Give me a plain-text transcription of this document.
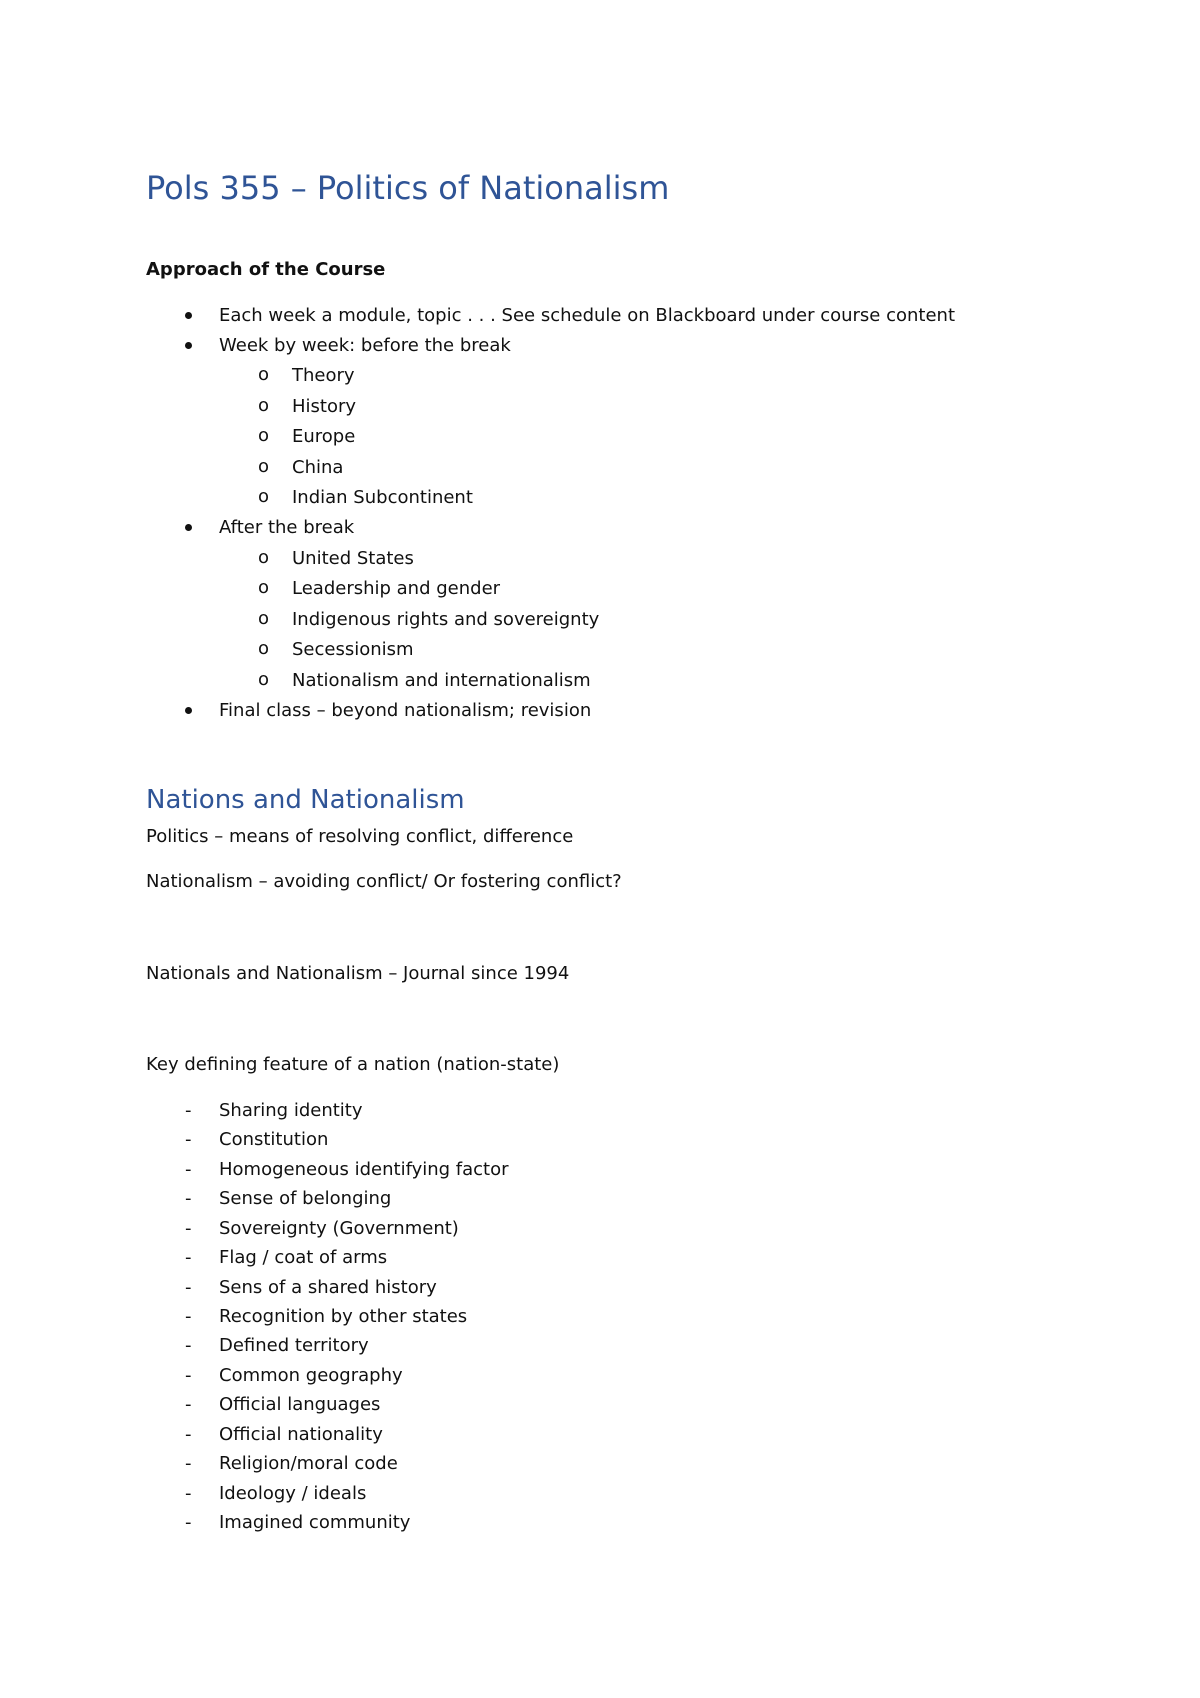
Pols 355 – Politics of Nationalism
Approach of the Course
Each week a module, topic . . . See schedule on Blackboard under course content
Week by week: before the break
o Theory
o History
o Europe
o China
o Indian Subcontinent
After the break
o United States
o Leadership and gender
o Indigenous rights and sovereignty
o Secessionism
o Nationalism and internationalism
Final class – beyond nationalism; revision
Nations and Nationalism
Politics – means of resolving conflict, difference
Nationalism – avoiding conflict/ Or fostering conflict?
Nationals and Nationalism – Journal since 1994
Key defining feature of a nation (nation-state)
- Sharing identity
- Constitution
- Homogeneous identifying factor
- Sense of belonging
- Sovereignty (Government)
- Flag / coat of arms
- Sens of a shared history
- Recognition by other states
- Defined territory
- Common geography
- Official languages
- Official nationality
- Religion/moral code
- Ideology / ideals
- Imagined community
